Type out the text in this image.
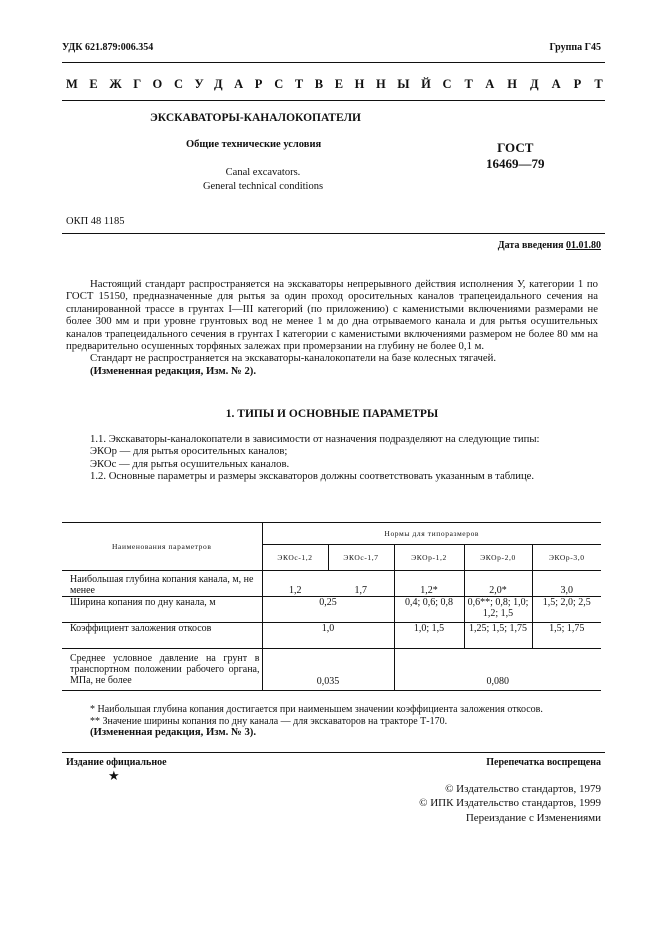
УДК 621.879:006.354	Группа Г45
МЕЖГОСУДАРСТВЕННЫЙ СТАНДАРТ
ЭКСКАВАТОРЫ-КАНАЛОКОПАТЕЛИ
Общие технические условия
Canal excavators.
General technical conditions
ГОСТ
16469—79
ОКП 48 1185
Дата введения 01.01.80

Настоящий стандарт распространяется на экскаваторы непрерывного действия исполнения У, категории 1 по ГОСТ 15150, предназначенные для рытья за один проход оросительных каналов трапецеидального сечения на спланированной трассе в грунтах I—III категорий (по приложению) с каменистыми включениями размерами не более 300 мм и при уровне грунтовых вод не менее 1 м до дна отрываемого канала и для рытья осушительных каналов трапецеидального сечения в грунтах I категории с каменистыми включениями размером не более 80 мм на предварительно осушенных торфяных залежах при промерзании на глубину не более 0,1 м.

Стандарт не распространяется на экскаваторы-каналокопатели на базе колесных тягачей.

(Измененная редакция, Изм. № 2).

1. ТИПЫ И ОСНОВНЫЕ ПАРАМЕТРЫ

1.1. Экскаваторы-каналокопатели в зависимости от назначения подразделяют на следующие типы:

ЭКОр — для рытья оросительных каналов;

ЭКОс — для рытья осушительных каналов.

1.2. Основные параметры и размеры экскаваторов должны соответствовать указанным в таблице.

Наименования параметров	Нормы для типоразмеров				
	ЭКОс-1,2	ЭКОс-1,7	ЭКОр-1,2	ЭКОр-2,0	ЭКОр-3,0
Наибольшая глубина копания канала, м, не менее	1,2	1,7	1,2*	2,0*	3,0
Ширина копания по дну канала, м	0,25		0,4; 0,6; 0,8	0,6**; 0,8; 1,0; 1,2; 1,5	1,5; 2,0; 2,5
Коэффициент заложения откосов	1,0		1,0; 1,5	1,25; 1,5; 1,75	1,5; 1,75
Среднее условное давление на грунт в транспортном положении рабочего органа, МПа, не более	0,035		0,080		

* Наибольшая глубина копания достигается при наименьшем значении коэффициента заложения откосов.

** Значение ширины копания по дну канала — для экскаваторов на тракторе Т-170.

(Измененная редакция, Изм. № 3).

Издание официальное
★
Перепечатка воспрещена
© Издательство стандартов, 1979
© ИПК Издательство стандартов, 1999
Переиздание с Изменениями
